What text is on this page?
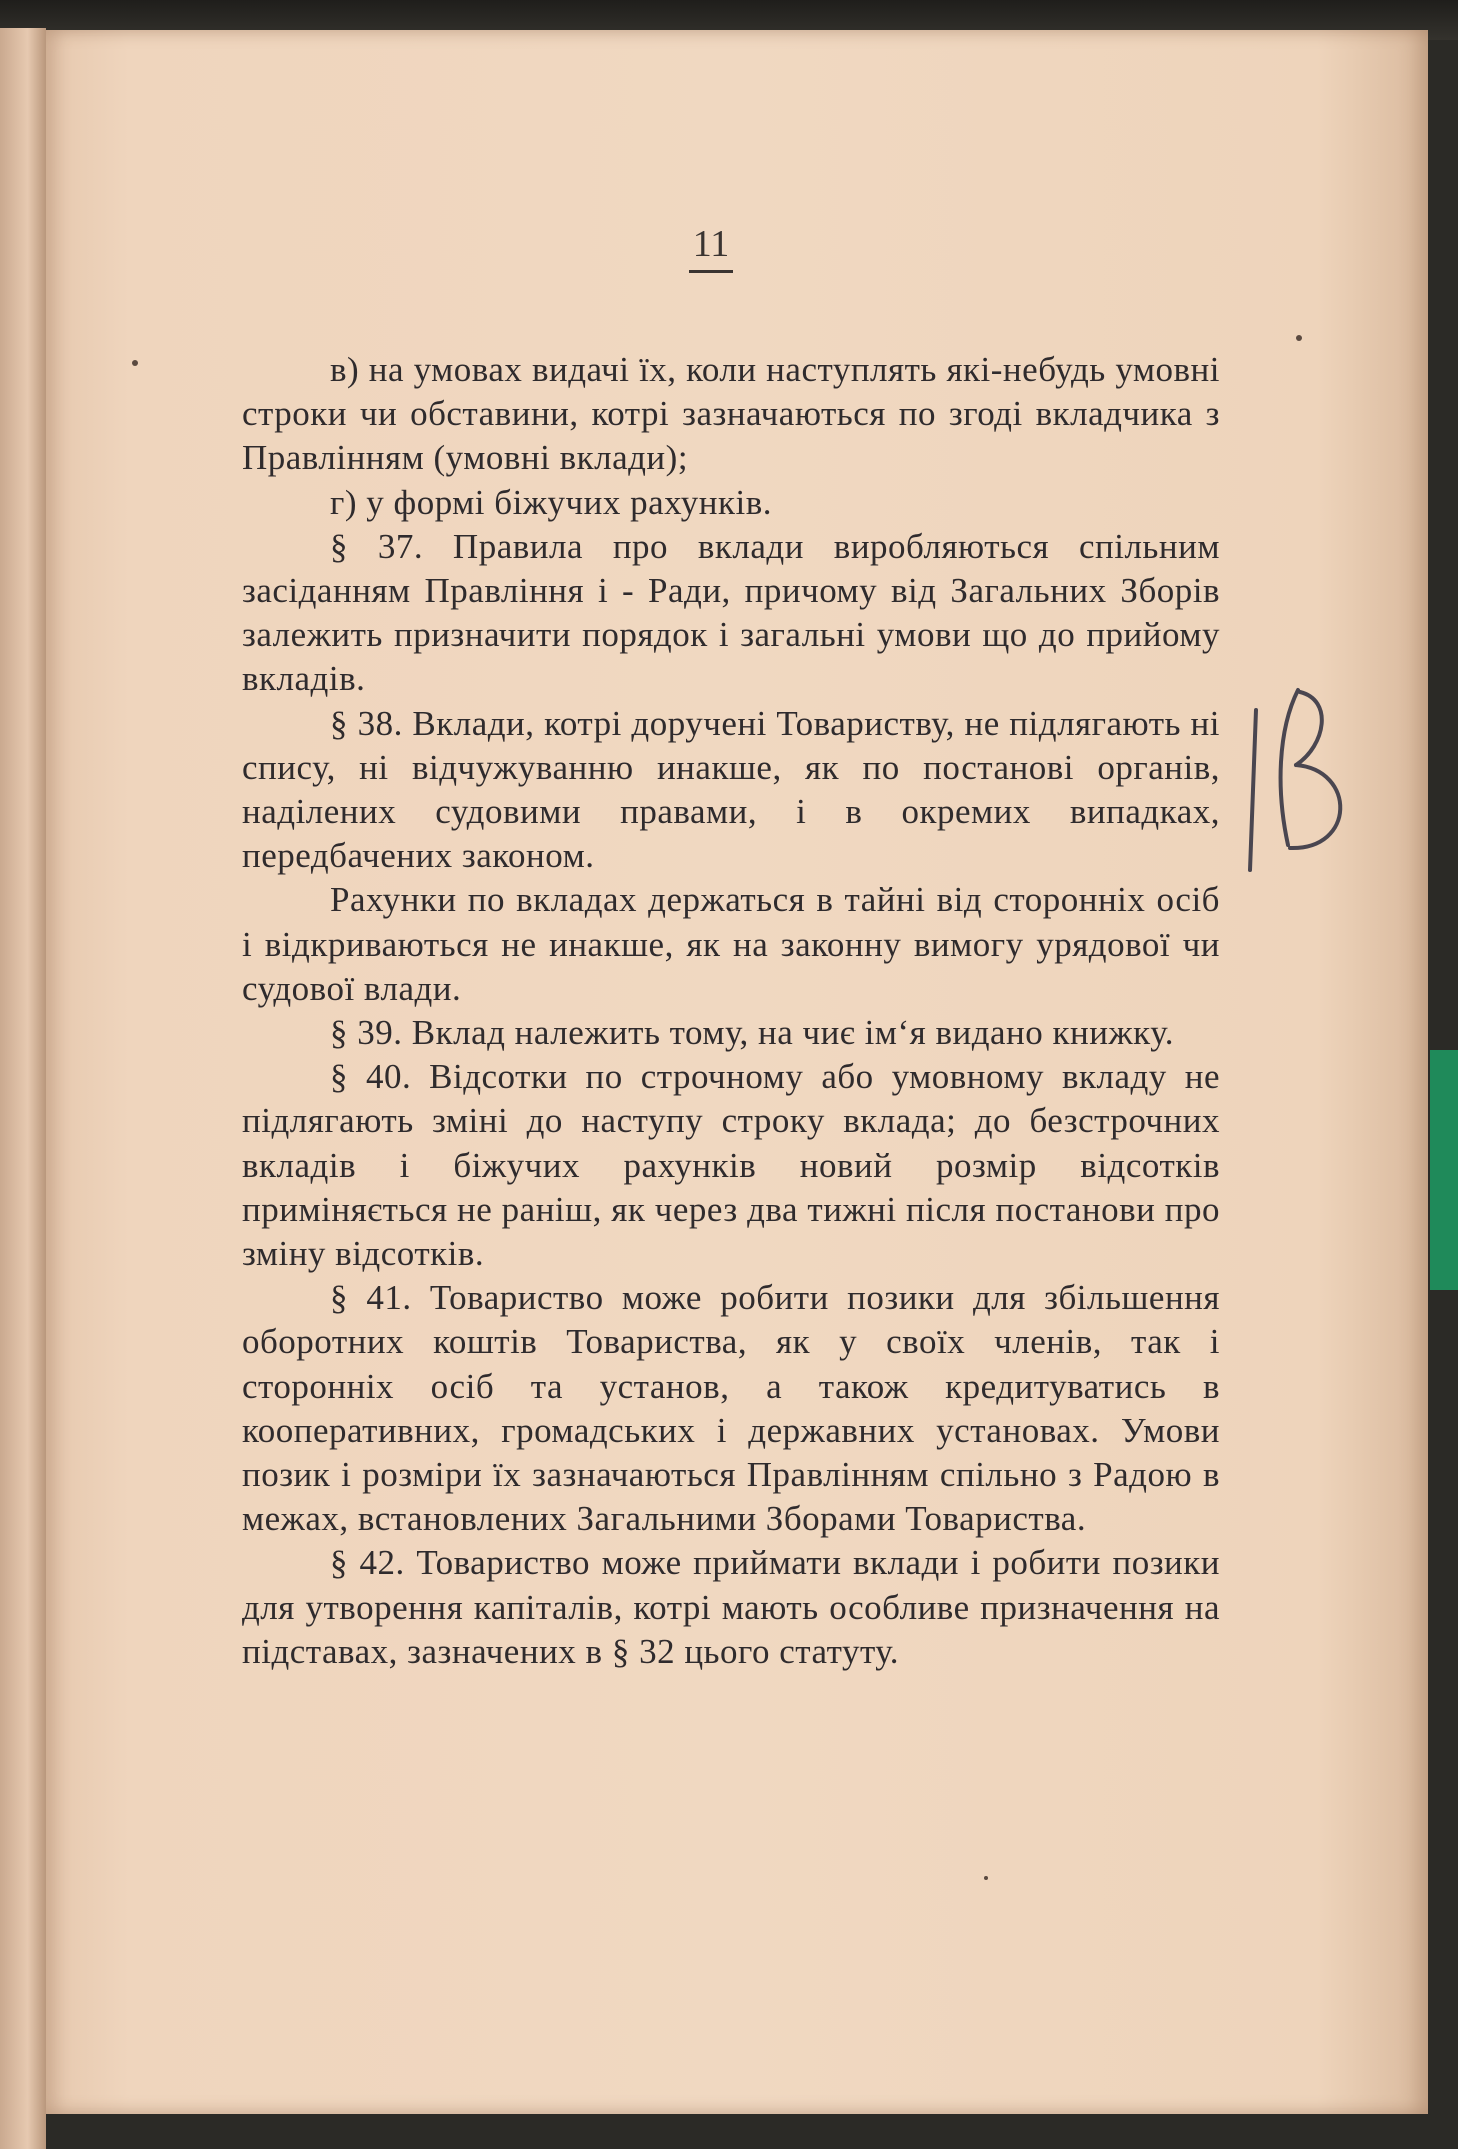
11

в) на умовах видачі їх, коли наступлять які-небудь умовні строки чи обставини, котрі зазначаються по згоді вкладчика з Правлінням (умовні вклади);

г) у формі біжучих рахунків.

§ 37. Правила про вклади виробляються спільним засіданням Правління і - Ради, причому від Загальних Зборів залежить призначити порядок і загальні умови що до прийому вкладів.

§ 38. Вклади, котрі доручені Товариству, не підлягають ні спису, ні відчужуванню инакше, як по постанові органів, наділених судовими правами, і в окремих випадках, передбачених законом.

Рахунки по вкладах держаться в тайні від сторонніх осіб і відкриваються не инакше, як на законну вимогу урядової чи судової влади.

§ 39. Вклад належить тому, на чиє ім‘я видано книжку.

§ 40. Відсотки по строчному або умовному вкладу не підлягають зміні до наступу строку вклада; до безстрочних вкладів і біжучих рахунків новий розмір відсотків приміняється не раніш, як через два тижні після постанови про зміну відсотків.

§ 41. Товариство може робити позики для збільшення оборотних коштів Товариства, як у своїх членів, так і сторонніх осіб та установ, а також кредитуватись в кооперативних, громадських і державних установах. Умови позик і розміри їх зазначаються Правлінням спільно з Радою в межах, встановлених Загальними Зборами Товариства.

§ 42. Товариство може приймати вклади і робити позики для утворення капіталів, котрі мають особливе призначення на підставах, зазначених в § 32 цього статуту.
